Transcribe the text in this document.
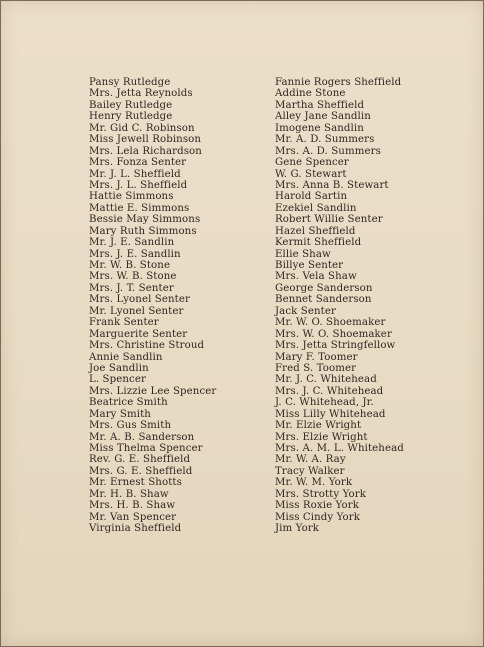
Pansy Rutledge
Mrs. Jetta Reynolds
Bailey Rutledge
Henry Rutledge
Mr. Gid C. Robinson
Miss Jewell Robinson
Mrs. Lela Richardson
Mrs. Fonza Senter
Mr. J. L. Sheffield
Mrs. J. L. Sheffield
Hattie Simmons
Mattie E. Simmons
Bessie May Simmons
Mary Ruth Simmons
Mr. J. E. Sandlin
Mrs. J. E. Sandlin
Mr. W. B. Stone
Mrs. W. B. Stone
Mrs. J. T. Senter
Mrs. Lyonel Senter
Mr. Lyonel Senter
Frank Senter
Marguerite Senter
Mrs. Christine Stroud
Annie Sandlin
Joe Sandlin
L. Spencer
Mrs. Lizzie Lee Spencer
Beatrice Smith
Mary Smith
Mrs. Gus Smith
Mr. A. B. Sanderson
Miss Thelma Spencer
Rev. G. E. Sheffield
Mrs. G. E. Sheffield
Mr. Ernest Shotts
Mr. H. B. Shaw
Mrs. H. B. Shaw
Mr. Van Spencer
Virginia Sheffield
Fannie Rogers Sheffield
Addine Stone
Martha Sheffield
Alley Jane Sandlin
Imogene Sandlin
Mr. A. D. Summers
Mrs. A. D. Summers
Gene Spencer
W. G. Stewart
Mrs. Anna B. Stewart
Harold Sartin
Ezekiel Sandlin
Robert Willie Senter
Hazel Sheffield
Kermit Sheffield
Ellie Shaw
Billye Senter
Mrs. Vela Shaw
George Sanderson
Bennet Sanderson
Jack Senter
Mr. W. O. Shoemaker
Mrs. W. O. Shoemaker
Mrs. Jetta Stringfellow
Mary F. Toomer
Fred S. Toomer
Mr. J. C. Whitehead
Mrs. J. C. Whitehead
J. C. Whitehead, Jr.
Miss Lilly Whitehead
Mr. Elzie Wright
Mrs. Elzie Wright
Mrs. A. M. L. Whitehead
Mr. W. A. Ray
Tracy Walker
Mr. W. M. York
Mrs. Strotty York
Miss Roxie York
Miss Cindy York
Jim York
